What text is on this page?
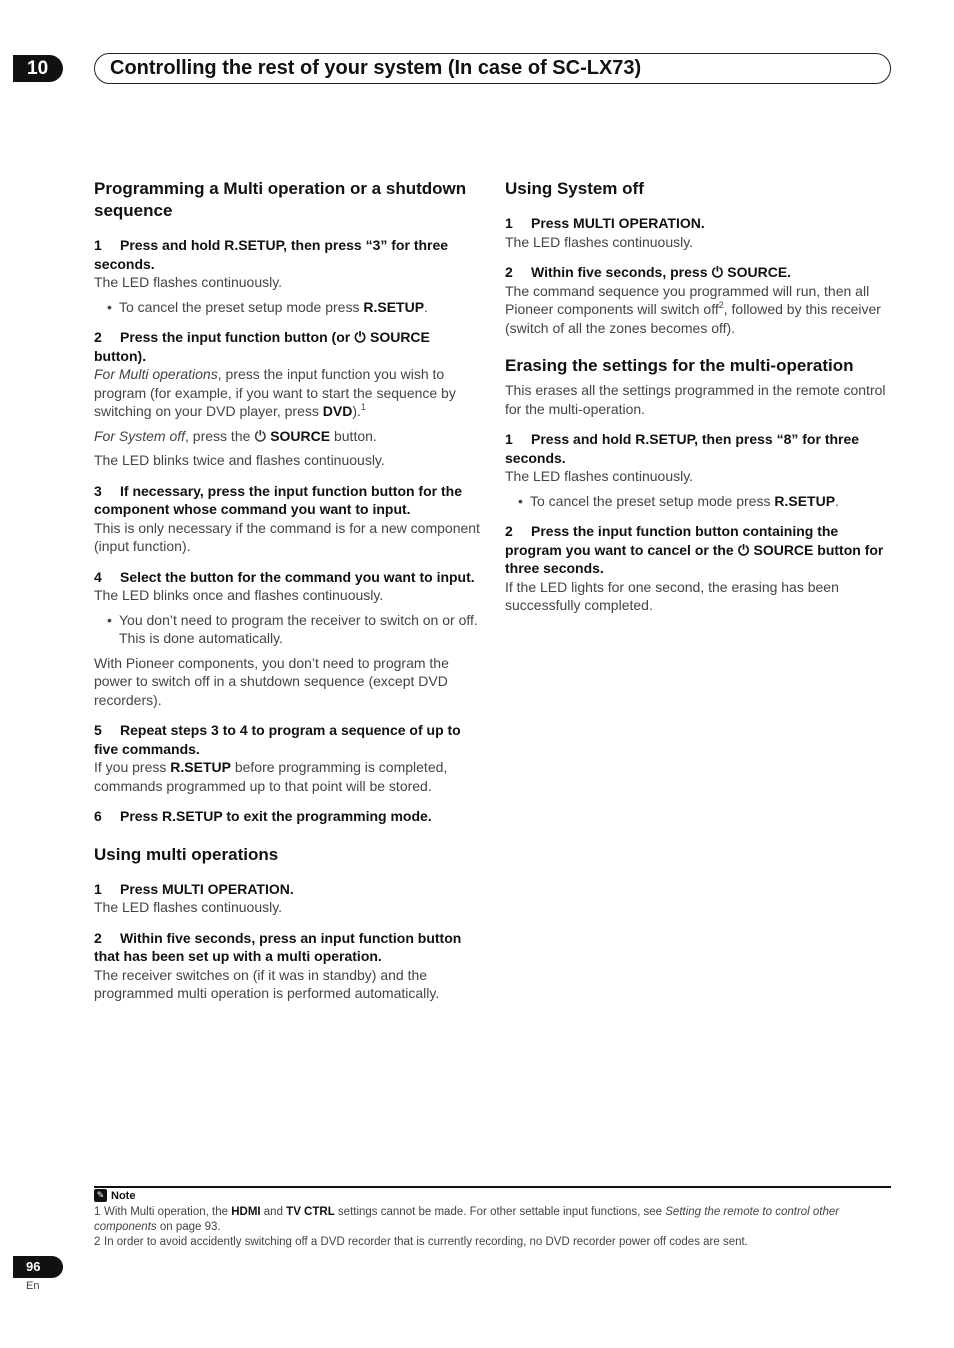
10	Controlling the rest of your system (In case of SC-LX73)
Programming a Multi operation or a shutdown sequence

1 Press and hold R.SETUP, then press “3” for three seconds.

The LED flashes continuously.

• To cancel the preset setup mode press R.SETUP.

2 Press the input function button (or ⏻ SOURCE button).

For Multi operations, press the input function you wish to program (for example, if you want to start the sequence by switching on your DVD player, press DVD).$^1$

For System off, press the ⏻ SOURCE button.

The LED blinks twice and flashes continuously.

3 If necessary, press the input function button for the component whose command you want to input.

This is only necessary if the command is for a new component (input function).

4 Select the button for the command you want to input.

The LED blinks once and flashes continuously.

• You don’t need to program the receiver to switch on or off. This is done automatically.

With Pioneer components, you don’t need to program the power to switch off in a shutdown sequence (except DVD recorders).

5 Repeat steps 3 to 4 to program a sequence of up to five commands.

If you press R.SETUP before programming is completed, commands programmed up to that point will be stored.

6 Press R.SETUP to exit the programming mode.

Using multi operations

1 Press MULTI OPERATION.

The LED flashes continuously.

2 Within five seconds, press an input function button that has been set up with a multi operation.

The receiver switches on (if it was in standby) and the programmed multi operation is performed automatically.

Using System off

1 Press MULTI OPERATION.

The LED flashes continuously.

2 Within five seconds, press ⏻ SOURCE.

The command sequence you programmed will run, then all Pioneer components will switch off$^2$, followed by this receiver (switch of all the zones becomes off).

Erasing the settings for the multi-operation

This erases all the settings programmed in the remote control for the multi-operation.

1 Press and hold R.SETUP, then press “8” for three seconds.

The LED flashes continuously.

• To cancel the preset setup mode press R.SETUP.

2 Press the input function button containing the program you want to cancel or the ⏻ SOURCE button for three seconds.

If the LED lights for one second, the erasing has been successfully completed.

✎ Note
1 With Multi operation, the HDMI and TV CTRL settings cannot be made. For other settable input functions, see Setting the remote to control other components on page 93.
2 In order to avoid accidently switching off a DVD recorder that is currently recording, no DVD recorder power off codes are sent.
96
En
